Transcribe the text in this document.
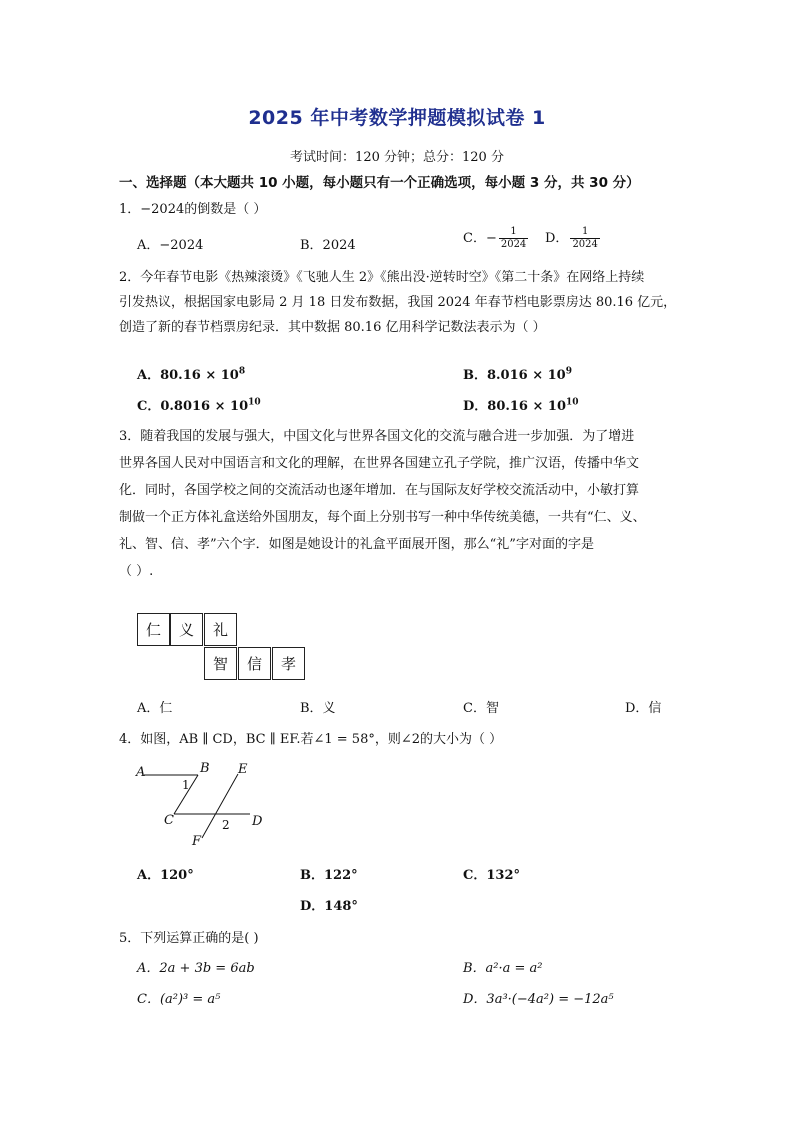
2025 年中考数学押题模拟试卷 1
考试时间：120 分钟；总分：120 分
一、选择题（本大题共 10 小题，每小题只有一个正确选项，每小题 3 分，共 30 分）
1．−2024的倒数是（ ）
A．−2024	B．2024	C．− $\frac{1}{2024}$ D． $\frac{1}{2024}$
2．今年春节电影《热辣滚烫》《飞驰人生 2》《熊出没·逆转时空》《第二十条》在网络上持续
引发热议，根据国家电影局 2 月 18 日发布数据，我国 2024 年春节档电影票房达 80.16 亿元，
创造了新的春节档票房纪录．其中数据 80.16 亿用科学记数法表示为（ ）
A．$80.16 \times 10^8$	B．$8.016 \times 10^9$
C．$0.8016 \times 10^{10}$	D．$80.16 \times 10^{10}$
3．随着我国的发展与强大，中国文化与世界各国文化的交流与融合进一步加强．为了增进
世界各国人民对中国语言和文化的理解，在世界各国建立孔子学院，推广汉语，传播中华文
化．同时，各国学校之间的交流活动也逐年增加．在与国际友好学校交流活动中，小敏打算
制做一个正方体礼盒送给外国朋友，每个面上分别书写一种中华传统美德，一共有“仁、义、
礼、智、信、孝”六个字．如图是她设计的礼盒平面展开图，那么“礼”字对面的字是
（ ）.
仁	义	礼
智	信	孝
A．仁	B．义	C．智	D．信
4．如图，AB ∥ CD，BC ∥ EF.若∠1 = 58°，则∠2的大小为（ ）
A	B E
C	D
F
1
2
A．120°	B．122°	C．132°
D．148°
5．下列运算正确的是( )
A．2a + 3b = 6ab	B．a²·a = a²
C．(a²)³ = a⁵	D．3a³·(−4a²) = −12a⁵
